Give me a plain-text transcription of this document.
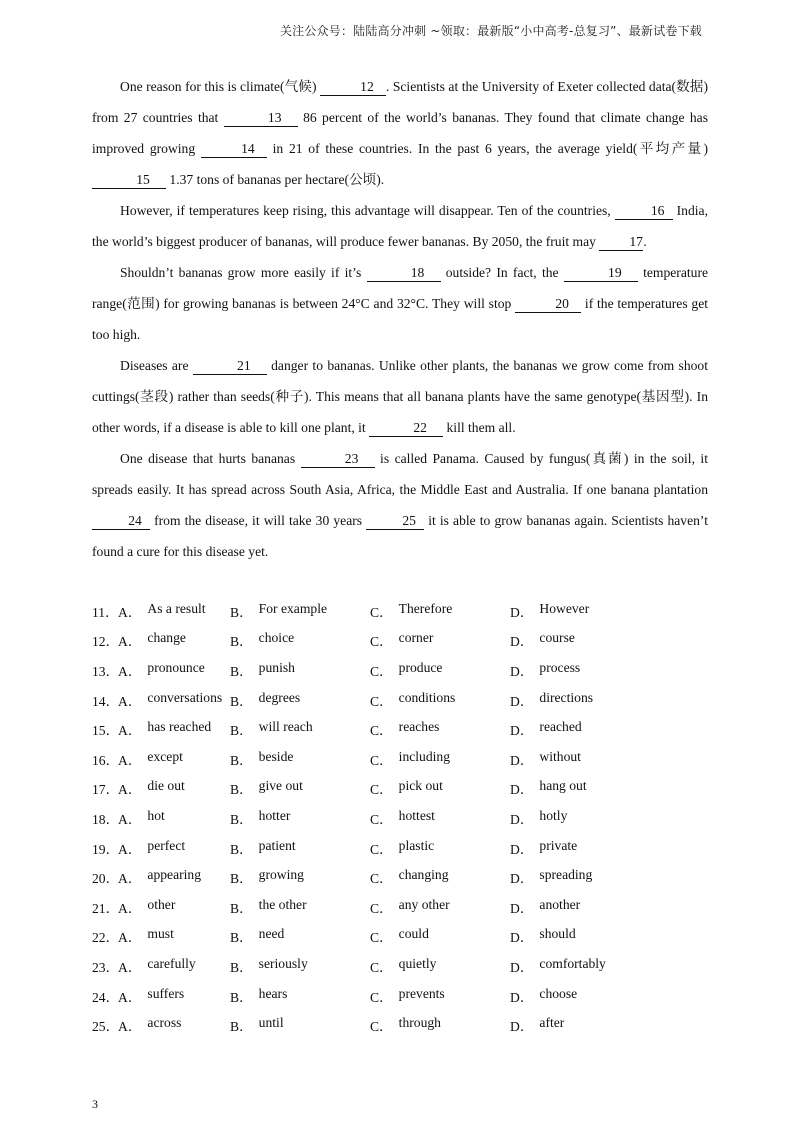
关注公众号：陆陆高分冲刺 ~领取：最新版“小中高考-总复习”、最新试卷下载

One reason for this is climate(气候)	12 . Scientists at the University of Exeter collected data(数据) from 27 countries that	13 86 percent of the world’s bananas. They found that climate change has improved growing	14 in 21 of these countries. In the past 6 years, the average yield(平均产量) 15 1.37 tons of bananas per hectare(公顷).

However, if temperatures keep rising, this advantage will disappear. Ten of the countries,	16 India, the world’s biggest producer of bananas, will produce fewer bananas. By 2050, the fruit may 17.

Shouldn’t bananas grow more easily if it’s	18 outside? In fact, the	19 temperature range(范围) for growing bananas is between 24°C and 32°C. They will stop	20 if the temperatures get too high.

Diseases are	21 danger to bananas. Unlike other plants, the bananas we grow come from shoot cuttings(茎段) rather than seeds(种子). This means that all banana plants have the same genotype(基因型). In other words, if a disease is able to kill one plant, it	22 kill them all.

One disease that hurts bananas	23 is called Panama. Caused by fungus(真菌) in the soil, it spreads easily. It has spread across South Asia, Africa, the Middle East and Australia. If one banana plantation 24 from the disease, it will take 30 years	25 it is able to grow bananas again. Scientists haven’t found a cure for this disease yet.

11． A． As a result B． For example	C． Therefore	D． However
12．
A． change	B． choice	C． corner	D． course
13．
A． pronounce B． punish	C． produce	D． process
14．
A． conversations B． degrees	C． conditions	D． directions
15．
A． has reached B． will reach	C． reaches	D． reached
16．
A． except	B． beside	C． including	D． without
17．
A． die out	B． give out	C． pick out	D． hang out
18．
A． hot	B． hotter	C． hottest	D． hotly
19．
A． perfect	B． patient	C． plastic	D． private
20．
A． appearing B． growing	C． changing	D． spreading
21．
A． other	B． the other	C． any other	D． another
22．
A． must	B． need	C． could	D． should
23．
A． carefully	B． seriously	C． quietly	D． comfortably
24．
A． suffers	B． hears	C． prevents	D． choose
25．
A． across	B． until	C． through	D． after
3
